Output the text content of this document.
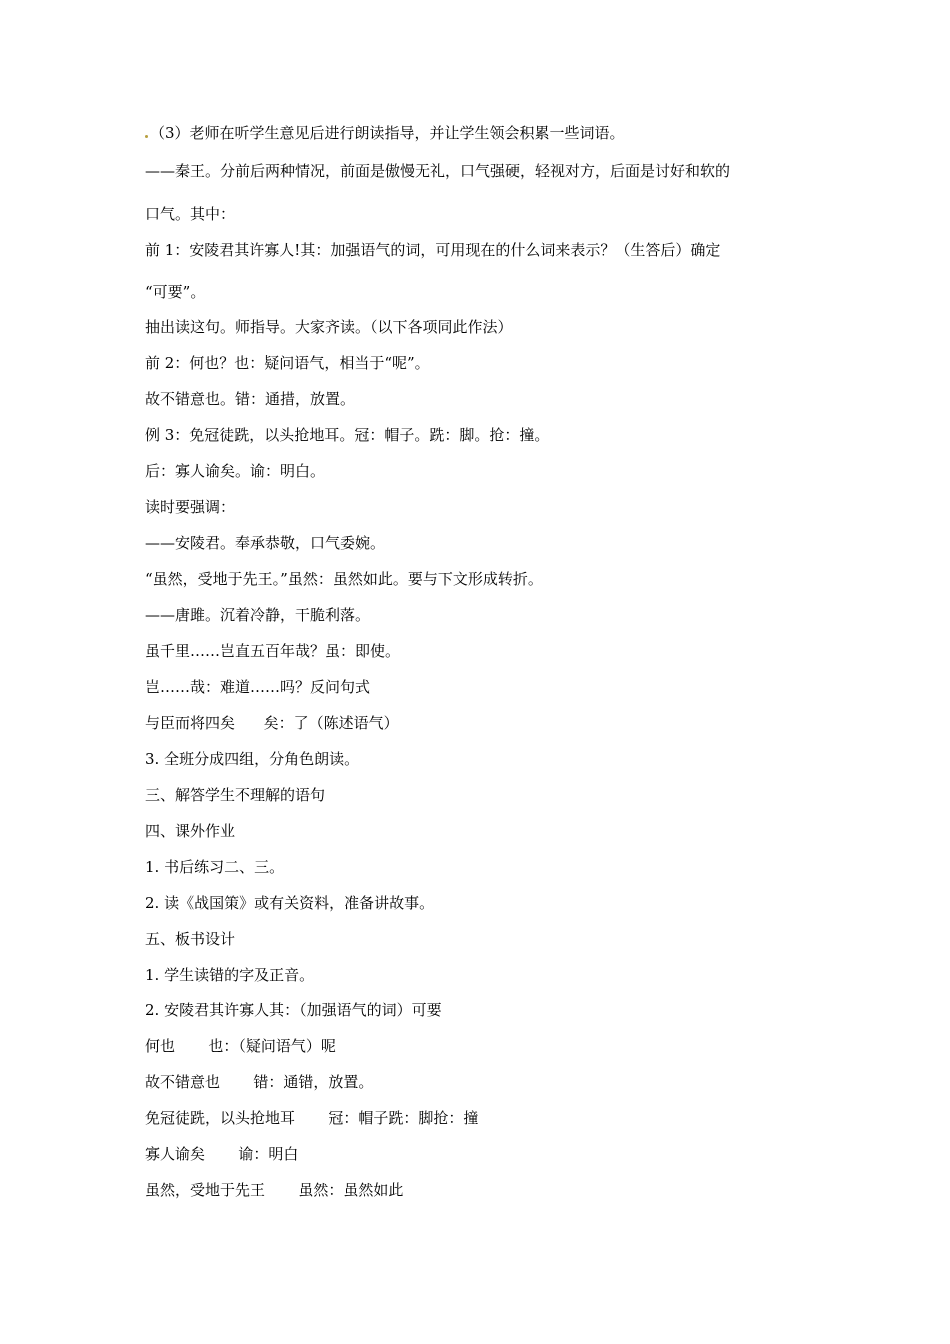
（3）老师在听学生意见后进行朗读指导，并让学生领会积累一些词语。
——秦王。分前后两种情况，前面是傲慢无礼，口气强硬，轻视对方，后面是讨好和软的
口气。其中：
前 1：安陵君其许寡人!其：加强语气的词，可用现在的什么词来表示？（生答后）确定
“可要”。
抽出读这句。师指导。大家齐读。（以下各项同此作法）
前 2：何也？也：疑问语气，相当于“呢”。
故不错意也。错：通措，放置。
例 3：免冠徒跣，以头抢地耳。冠：帽子。跣：脚。抢：撞。
后：寡人谕矣。谕：明白。
读时要强调：
——安陵君。奉承恭敬，口气委婉。
“虽然，受地于先王。”虽然：虽然如此。要与下文形成转折。
——唐雎。沉着冷静，干脆利落。
虽千里……岂直五百年哉？虽：即使。
岂……哉：难道……吗？反问句式
与臣而将四矣      矣：了（陈述语气）
3. 全班分成四组，分角色朗读。
三、解答学生不理解的语句
四、课外作业
1. 书后练习二、三。
2. 读《战国策》或有关资料，准备讲故事。
五、板书设计
1. 学生读错的字及正音。
2. 安陵君其许寡人其：（加强语气的词）可要
何也       也：（疑问语气）呢
故不错意也       错：通错，放置。
免冠徒跣，以头抢地耳       冠：帽子跣：脚抢：撞
寡人谕矣       谕：明白
虽然，受地于先王       虽然：虽然如此
